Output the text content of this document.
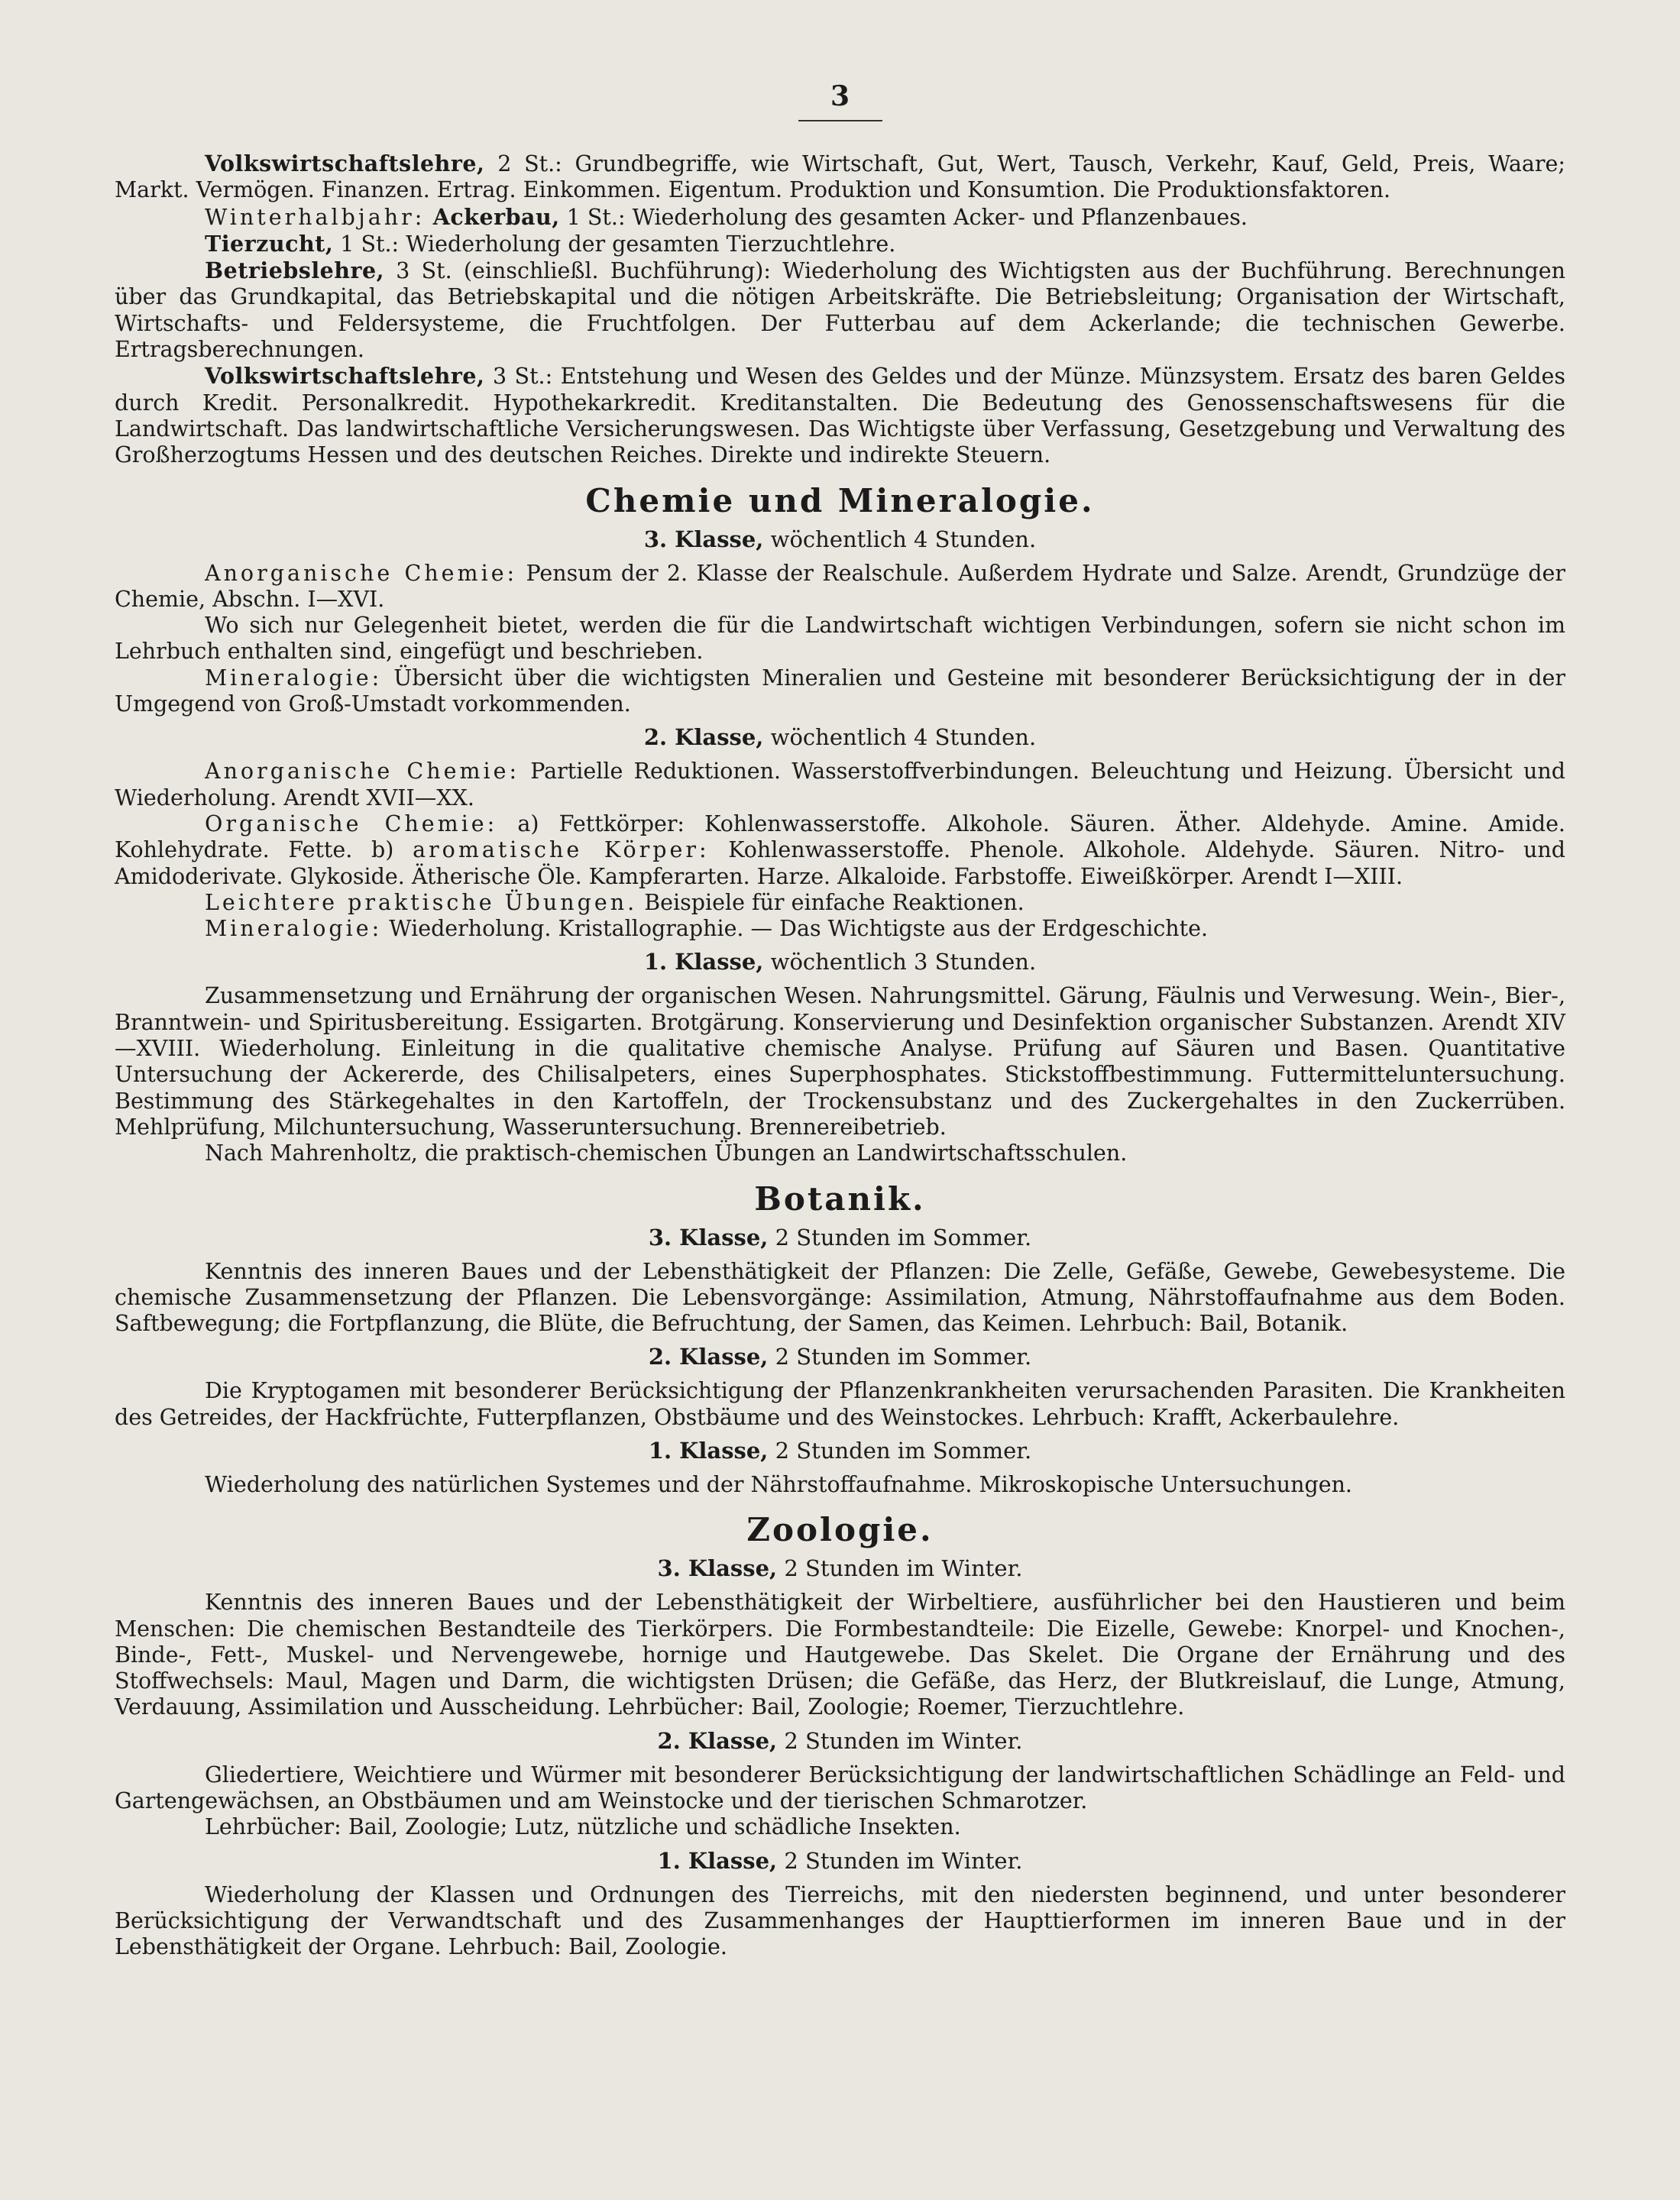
3

Volkswirtschaftslehre, 2 St.: Grundbegriffe, wie Wirtschaft, Gut, Wert, Tausch, Verkehr, Kauf, Geld, Preis, Waare; Markt. Vermögen. Finanzen. Ertrag. Einkommen. Eigentum. Produktion und Konsumtion. Die Produktionsfaktoren.

Winterhalbjahr: Ackerbau, 1 St.: Wiederholung des gesamten Acker- und Pflanzenbaues.

Tierzucht, 1 St.: Wiederholung der gesamten Tierzuchtlehre.

Betriebslehre, 3 St. (einschließl. Buchführung): Wiederholung des Wichtigsten aus der Buchführung. Berechnungen über das Grundkapital, das Betriebskapital und die nötigen Arbeitskräfte. Die Betriebsleitung; Organisation der Wirtschaft, Wirtschafts- und Feldersysteme, die Fruchtfolgen. Der Futterbau auf dem Ackerlande; die technischen Gewerbe. Ertragsberechnungen.

Volkswirtschaftslehre, 3 St.: Entstehung und Wesen des Geldes und der Münze. Münzsystem. Ersatz des baren Geldes durch Kredit. Personalkredit. Hypothekarkredit. Kreditanstalten. Die Bedeutung des Genossenschaftswesens für die Landwirtschaft. Das landwirtschaftliche Versicherungswesen. Das Wichtigste über Verfassung, Gesetzgebung und Verwaltung des Großherzogtums Hessen und des deutschen Reiches. Direkte und indirekte Steuern.

Chemie und Mineralogie.
3. Klasse, wöchentlich 4 Stunden.

Anorganische Chemie: Pensum der 2. Klasse der Realschule. Außerdem Hydrate und Salze. Arendt, Grundzüge der Chemie, Abschn. I—XVI.

Wo sich nur Gelegenheit bietet, werden die für die Landwirtschaft wichtigen Verbindungen, sofern sie nicht schon im Lehrbuch enthalten sind, eingefügt und beschrieben.

Mineralogie: Übersicht über die wichtigsten Mineralien und Gesteine mit besonderer Berücksichtigung der in der Umgegend von Groß-Umstadt vorkommenden.

2. Klasse, wöchentlich 4 Stunden.

Anorganische Chemie: Partielle Reduktionen. Wasserstoffverbindungen. Beleuchtung und Heizung. Übersicht und Wiederholung. Arendt XVII—XX.

Organische Chemie: a) Fettkörper: Kohlenwasserstoffe. Alkohole. Säuren. Äther. Aldehyde. Amine. Amide. Kohlehydrate. Fette. b) aromatische Körper: Kohlenwasserstoffe. Phenole. Alkohole. Aldehyde. Säuren. Nitro- und Amidoderivate. Glykoside. Ätherische Öle. Kampferarten. Harze. Alkaloide. Farbstoffe. Eiweißkörper. Arendt I—XIII.

Leichtere praktische Übungen. Beispiele für einfache Reaktionen.

Mineralogie: Wiederholung. Kristallographie. — Das Wichtigste aus der Erdgeschichte.

1. Klasse, wöchentlich 3 Stunden.

Zusammensetzung und Ernährung der organischen Wesen. Nahrungsmittel. Gärung, Fäulnis und Verwesung. Wein-, Bier-, Branntwein- und Spiritusbereitung. Essigarten. Brotgärung. Konservierung und Desinfektion organischer Substanzen. Arendt XIV—XVIII. Wiederholung. Einleitung in die qualitative chemische Analyse. Prüfung auf Säuren und Basen. Quantitative Untersuchung der Ackererde, des Chilisalpeters, eines Superphosphates. Stickstoffbestimmung. Futtermitteluntersuchung. Bestimmung des Stärkegehaltes in den Kartoffeln, der Trockensubstanz und des Zuckergehaltes in den Zuckerrüben. Mehlprüfung, Milchuntersuchung, Wasseruntersuchung. Brennereibetrieb.

Nach Mahrenholtz, die praktisch-chemischen Übungen an Landwirtschaftsschulen.

Botanik.
3. Klasse, 2 Stunden im Sommer.

Kenntnis des inneren Baues und der Lebensthätigkeit der Pflanzen: Die Zelle, Gefäße, Gewebe, Gewebesysteme. Die chemische Zusammensetzung der Pflanzen. Die Lebensvorgänge: Assimilation, Atmung, Nährstoffaufnahme aus dem Boden. Saftbewegung; die Fortpflanzung, die Blüte, die Befruchtung, der Samen, das Keimen. Lehrbuch: Bail, Botanik.

2. Klasse, 2 Stunden im Sommer.

Die Kryptogamen mit besonderer Berücksichtigung der Pflanzenkrankheiten verursachenden Parasiten. Die Krankheiten des Getreides, der Hackfrüchte, Futterpflanzen, Obstbäume und des Weinstockes. Lehrbuch: Krafft, Ackerbaulehre.

1. Klasse, 2 Stunden im Sommer.

Wiederholung des natürlichen Systemes und der Nährstoffaufnahme. Mikroskopische Untersuchungen.

Zoologie.
3. Klasse, 2 Stunden im Winter.

Kenntnis des inneren Baues und der Lebensthätigkeit der Wirbeltiere, ausführlicher bei den Haustieren und beim Menschen: Die chemischen Bestandteile des Tierkörpers. Die Formbestandteile: Die Eizelle, Gewebe: Knorpel- und Knochen-, Binde-, Fett-, Muskel- und Nervengewebe, hornige und Hautgewebe. Das Skelet. Die Organe der Ernährung und des Stoffwechsels: Maul, Magen und Darm, die wichtigsten Drüsen; die Gefäße, das Herz, der Blutkreislauf, die Lunge, Atmung, Verdauung, Assimilation und Ausscheidung. Lehrbücher: Bail, Zoologie; Roemer, Tierzuchtlehre.

2. Klasse, 2 Stunden im Winter.

Gliedertiere, Weichtiere und Würmer mit besonderer Berücksichtigung der landwirtschaftlichen Schädlinge an Feld- und Gartengewächsen, an Obstbäumen und am Weinstocke und der tierischen Schmarotzer.

Lehrbücher: Bail, Zoologie; Lutz, nützliche und schädliche Insekten.

1. Klasse, 2 Stunden im Winter.

Wiederholung der Klassen und Ordnungen des Tierreichs, mit den niedersten beginnend, und unter besonderer Berücksichtigung der Verwandtschaft und des Zusammenhanges der Haupttierformen im inneren Baue und in der Lebensthätigkeit der Organe. Lehrbuch: Bail, Zoologie.
